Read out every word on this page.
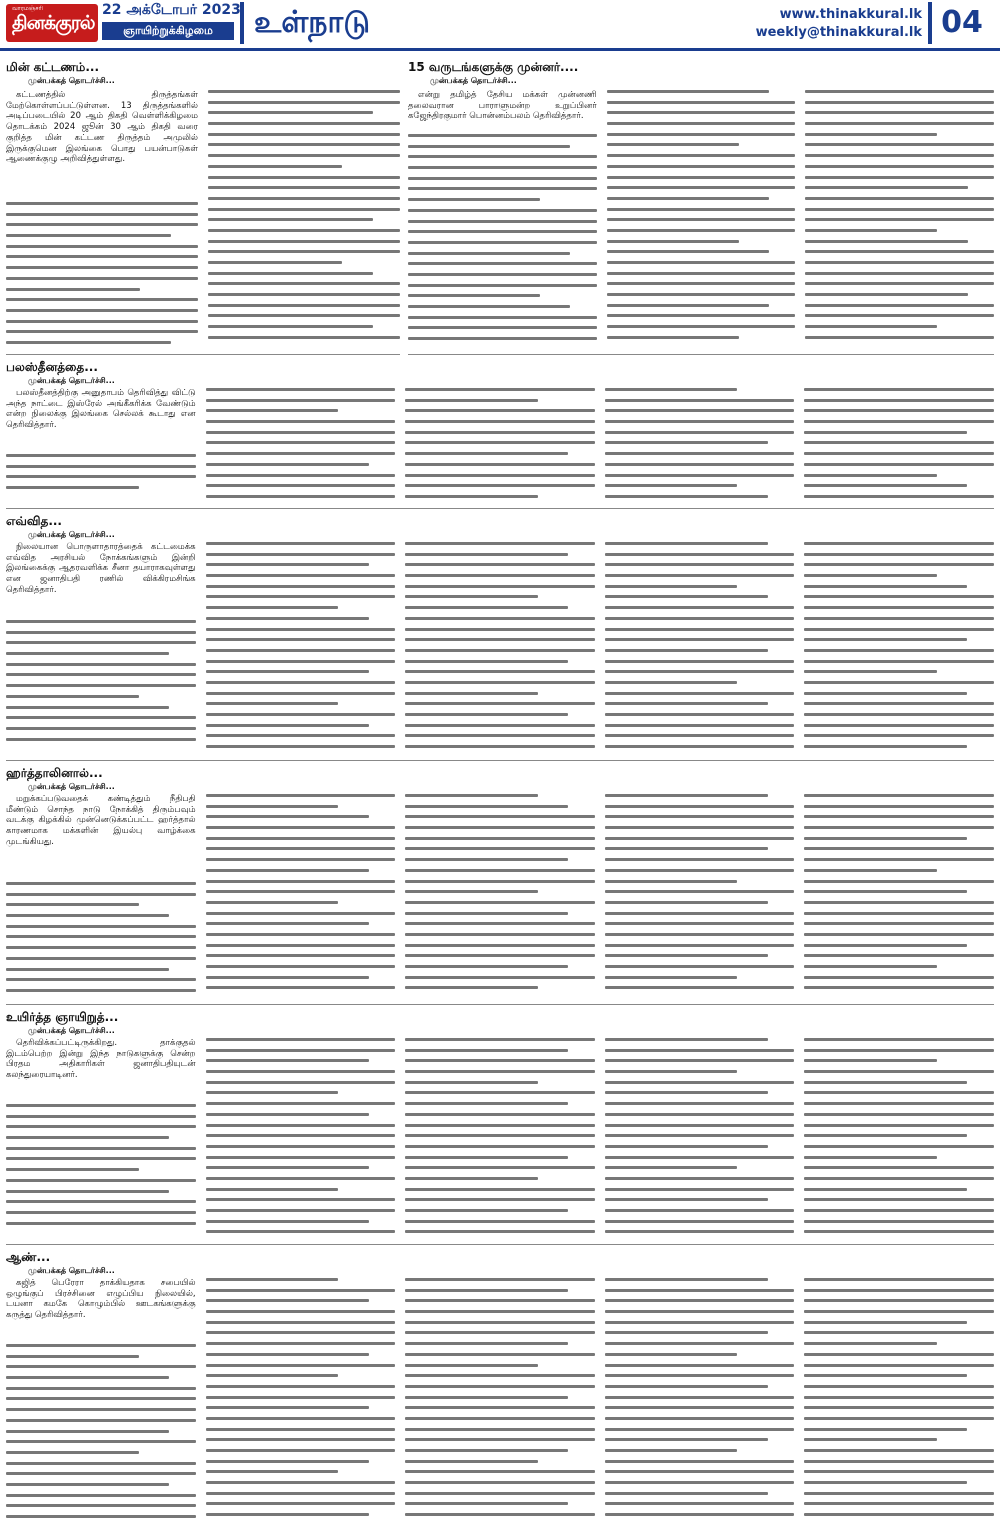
வாரமஞ்சரி
தினக்குரல்
22 அக்டோபர் 2023
ஞாயிற்றுக்கிழமை	உள்நாடு	www.thinakkural.lk
weekly@thinakkural.lk 04
மின் கட்டணம்...
முன்பக்கத் தொடர்ச்சி...

கட்டணத்தில் திருத்தங்கள் மேற்கொள்ளப்பட்டுள்ளன. 13 திருத்தங்களில் அடிப்படையில் 20 ஆம் திகதி வெள்ளிக்கிழமை தொடக்கம் 2024 ஜூன் 30 ஆம் திகதி வரை குறித்த மின் கட்டண திருத்தம் அமுலில் இருக்குமென இலங்கை பொது பயன்பாடுகள் ஆணைக்குழு அறிவித்துள்ளது.

15 வருடங்களுக்கு முன்னர்....
முன்பக்கத் தொடர்ச்சி...

என்று தமிழ்த் தேசிய மக்கள் முன்னணி தலைவரான பாராளுமன்ற உறுப்பினர் கஜேந்திரகுமார் பொன்னம்பலம் தெரிவித்தார்.

பலஸ்தீனத்தை...
முன்பக்கத் தொடர்ச்சி...

பலஸ்தீனத்திற்கு அனுதாபம் தெரிவித்து விட்டு அந்த நாட்டை இஸ்ரேல் அங்கீகரிக்க வேண்டும் என்ற நிலைக்கு இலங்கை செல்லக் கூடாது என தெரிவித்தார்.

எவ்வித...
முன்பக்கத் தொடர்ச்சி...

நிலையான பொருளாதாரத்தைக் கட்டமைக்க எவ்வித அரசியல் நோக்கங்களும் இன்றி இலங்கைக்கு ஆதரவளிக்க சீனா தயாராகவுள்ளது என ஜனாதிபதி ரணில் விக்கிரமசிங்க தெரிவித்தார்.

ஹர்த்தாலினால்...
முன்பக்கத் தொடர்ச்சி...

மறுக்கப்படுவதைக் கண்டித்தும் நீதிபதி மீண்டும் சொந்த நாடு நோக்கித் திரும்பவும் வடக்கு கிழக்கில் முன்னெடுக்கப்பட்ட ஹர்த்தால் காரணமாக மக்களின் இயல்பு வாழ்க்கை முடங்கியது.

உயிர்த்த ஞாயிறுத்...
முன்பக்கத் தொடர்ச்சி...

தெரிவிக்கப்பட்டிருக்கிறது. தாக்குதல் இடம்பெற்ற இன்று இந்த நாடுகளுக்கு சென்ற பிரதம அதிகாரிகள் ஜனாதிபதியுடன் கலந்துரையாடினர்.

ஆண்...
முன்பக்கத் தொடர்ச்சி...

கஜித் பெரேரா தாக்கியதாக சபையில் ஒழுங்குப் பிரச்சினை எழுப்பிய நிலையில், டயனா கமகே கொழும்பில் ஊடகங்களுக்கு கருத்து தெரிவித்தார்.
